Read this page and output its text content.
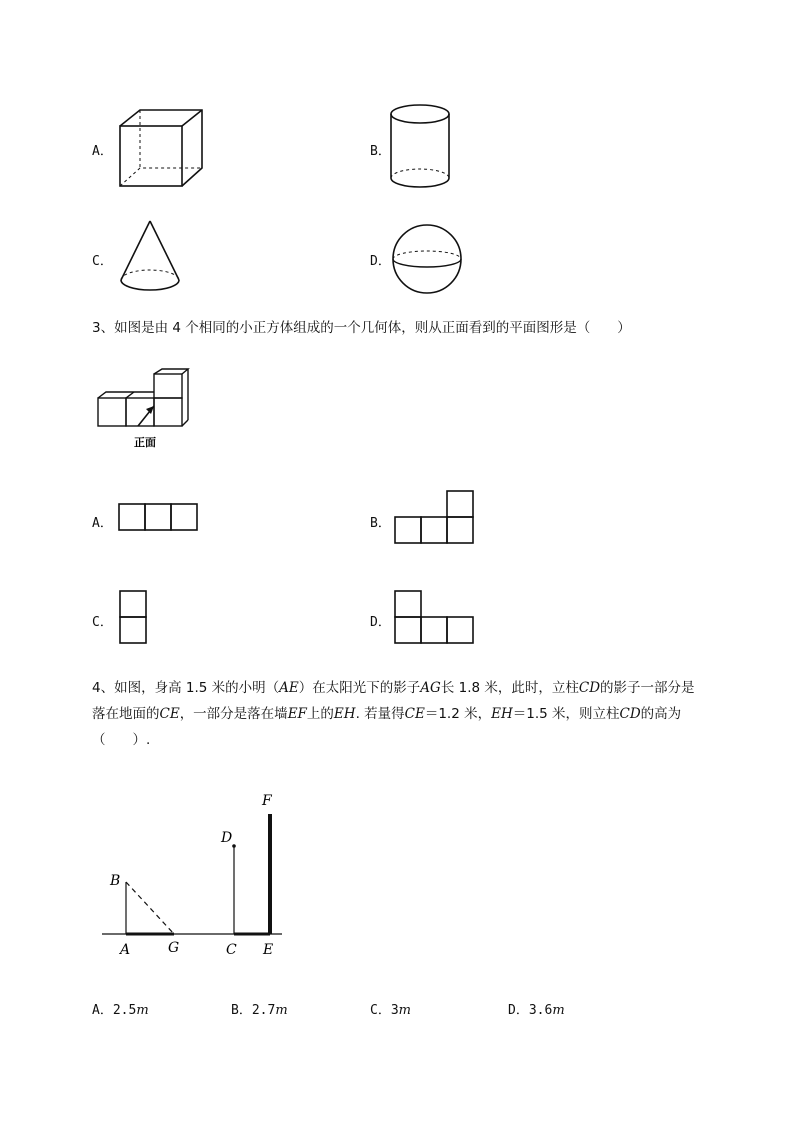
A．	B．
C．	D．
3、如图是由 4 个相同的小正方体组成的一个几何体，则从正面看到的平面图形是（　　）
正面
A．	B．
C．	D．
4、如图，身高 1.5 米的小明（AE）在太阳光下的影子AG长 1.8 米，此时，立柱CD的影子一部分是
落在地面的CE，一部分是落在墙EF上的EH. 若量得CE＝1.2 米，EH＝1.5 米，则立柱CD的高为
（　　）.
B
A	G
D
C E
F
A．2.5m	B．2.7m	C．3m	D．3.6m
